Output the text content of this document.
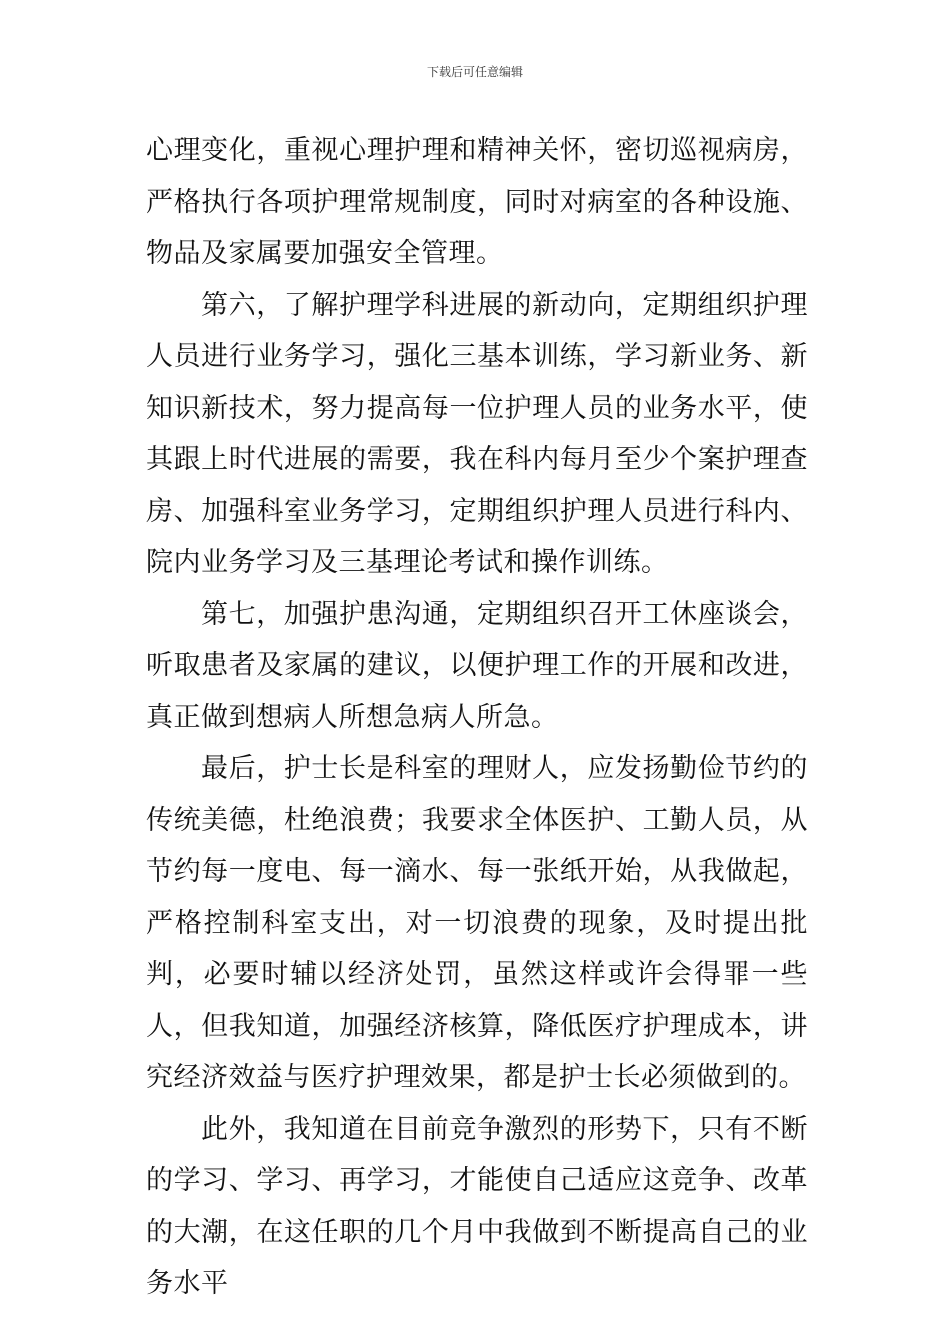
下载后可任意编辑

心理变化，重视心理护理和精神关怀，密切巡视病房，严格执行各项护理常规制度，同时对病室的各种设施、物品及家属要加强安全管理。

第六，了解护理学科进展的新动向，定期组织护理人员进行业务学习，强化三基本训练，学习新业务、新知识新技术，努力提高每一位护理人员的业务水平，使其跟上时代进展的需要，我在科内每月至少个案护理查房、加强科室业务学习，定期组织护理人员进行科内、院内业务学习及三基理论考试和操作训练。

第七，加强护患沟通，定期组织召开工休座谈会，听取患者及家属的建议，以便护理工作的开展和改进，真正做到想病人所想急病人所急。

最后，护士长是科室的理财人，应发扬勤俭节约的传统美德，杜绝浪费；我要求全体医护、工勤人员，从节约每一度电、每一滴水、每一张纸开始，从我做起，严格控制科室支出，对一切浪费的现象，及时提出批判，必要时辅以经济处罚，虽然这样或许会得罪一些人，但我知道，加强经济核算，降低医疗护理成本，讲究经济效益与医疗护理效果，都是护士长必须做到的。

此外，我知道在目前竞争激烈的形势下，只有不断的学习、学习、再学习，才能使自己适应这竞争、改革的大潮，在这任职的几个月中我做到不断提高自己的业务水平
